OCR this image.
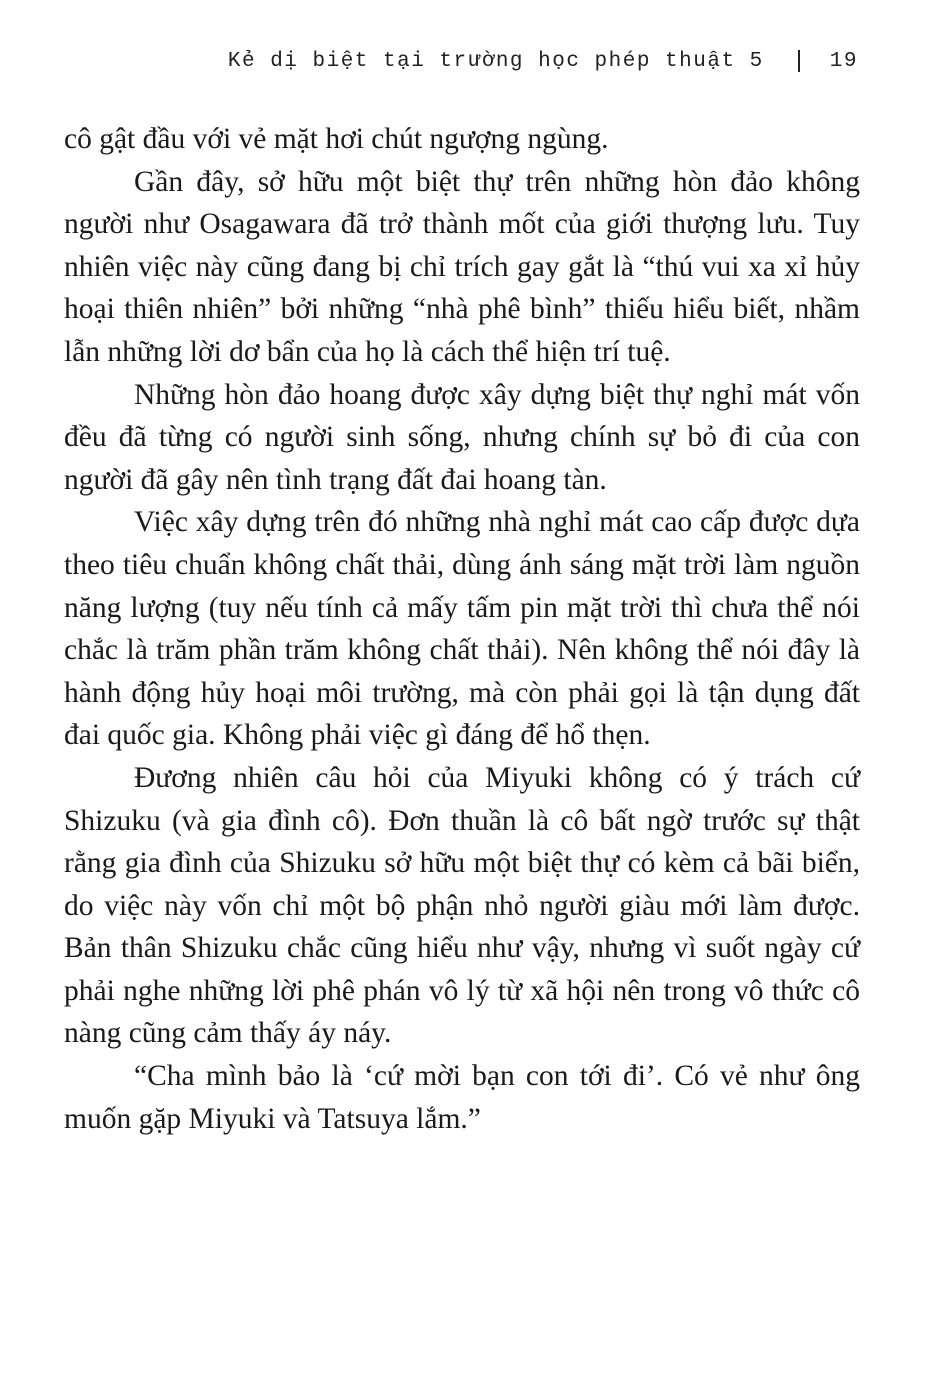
Kẻ dị biệt tại trường học phép thuật 5	19

cô gật đầu với vẻ mặt hơi chút ngượng ngùng.

Gần đây, sở hữu một biệt thự trên những hòn đảo không người như Osagawara đã trở thành mốt của giới thượng lưu. Tuy nhiên việc này cũng đang bị chỉ trích gay gắt là “thú vui xa xỉ hủy hoại thiên nhiên” bởi những “nhà phê bình” thiếu hiểu biết, nhầm lẫn những lời dơ bẩn của họ là cách thể hiện trí tuệ.

Những hòn đảo hoang được xây dựng biệt thự nghỉ mát vốn đều đã từng có người sinh sống, nhưng chính sự bỏ đi của con người đã gây nên tình trạng đất đai hoang tàn.

Việc xây dựng trên đó những nhà nghỉ mát cao cấp được dựa theo tiêu chuẩn không chất thải, dùng ánh sáng mặt trời làm nguồn năng lượng (tuy nếu tính cả mấy tấm pin mặt trời thì chưa thể nói chắc là trăm phần trăm không chất thải). Nên không thể nói đây là hành động hủy hoại môi trường, mà còn phải gọi là tận dụng đất đai quốc gia. Không phải việc gì đáng để hổ thẹn.

Đương nhiên câu hỏi của Miyuki không có ý trách cứ Shizuku (và gia đình cô). Đơn thuần là cô bất ngờ trước sự thật rằng gia đình của Shizuku sở hữu một biệt thự có kèm cả bãi biển, do việc này vốn chỉ một bộ phận nhỏ người giàu mới làm được. Bản thân Shizuku chắc cũng hiểu như vậy, nhưng vì suốt ngày cứ phải nghe những lời phê phán vô lý từ xã hội nên trong vô thức cô nàng cũng cảm thấy áy náy.

“Cha mình bảo là ‘cứ mời bạn con tới đi’. Có vẻ như ông muốn gặp Miyuki và Tatsuya lắm.”
